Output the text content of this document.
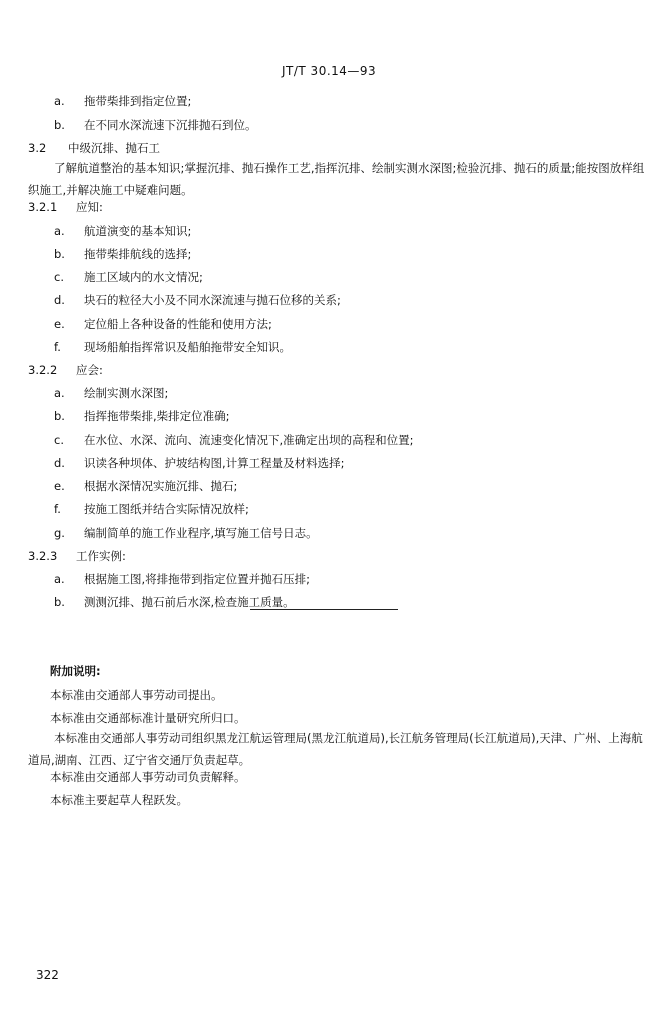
JT/T 30.14—93
a. 拖带柴排到指定位置;
b. 在不同水深流速下沉排抛石到位。
3.2 中级沉排、抛石工
了解航道整治的基本知识;掌握沉排、抛石操作工艺,指挥沉排、绘制实测水深图;检验沉排、抛石的质量;能按图放样组织施工,并解决施工中疑难问题。
3.2.1 应知:
a. 航道演变的基本知识;
b. 拖带柴排航线的选择;
c. 施工区域内的水文情况;
d. 块石的粒径大小及不同水深流速与抛石位移的关系;
e. 定位船上各种设备的性能和使用方法;
f. 现场船舶指挥常识及船舶拖带安全知识。
3.2.2 应会:
a. 绘制实测水深图;
b. 指挥拖带柴排,柴排定位准确;
c. 在水位、水深、流向、流速变化情况下,准确定出坝的高程和位置;
d. 识读各种坝体、护坡结构图,计算工程量及材料选择;
e. 根据水深情况实施沉排、抛石;
f. 按施工图纸并结合实际情况放样;
g. 编制简单的施工作业程序,填写施工信号日志。
3.2.3 工作实例:
a. 根据施工图,将排拖带到指定位置并抛石压排;
b. 测测沉排、抛石前后水深,检查施工质量。
附加说明:
本标准由交通部人事劳动司提出。
本标准由交通部标准计量研究所归口。
本标准由交通部人事劳动司组织黑龙江航运管理局(黑龙江航道局),长江航务管理局(长江航道局),天津、广州、上海航道局,湖南、江西、辽宁省交通厅负责起草。
本标准由交通部人事劳动司负责解释。
本标准主要起草人程跃发。
322
